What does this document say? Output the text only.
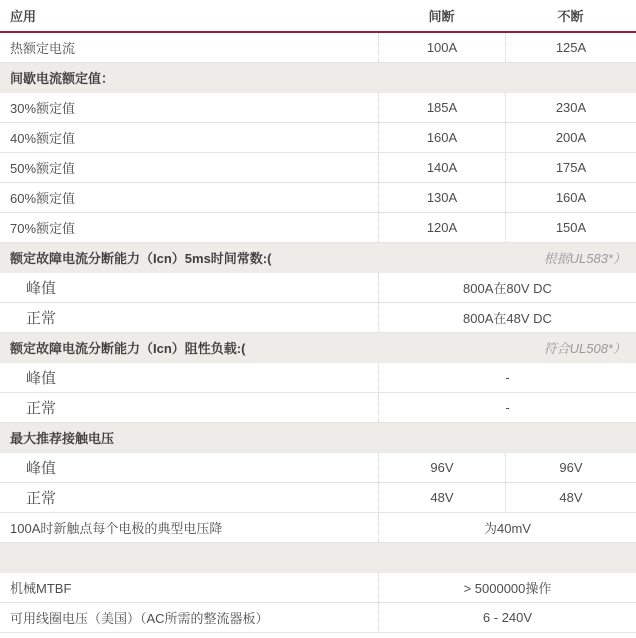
应用	间断	不断
热额定电流	100A	125A
间歇电流额定值：
30%额定值	185A	230A
40%额定值	160A	200A
50%额定值	140A	175A
60%额定值	130A	160A
70%额定值	120A	150A
额定故障电流分断能力（Icn）5ms时间常数:(	根据UL583*）
峰值	800A在80V DC
正常	800A在48V DC
额定故障电流分断能力（Icn）阻性负载:(	符合UL508*）
峰值	-
正常	-
最大推荐接触电压
峰值	96V	96V
正常	48V	48V
100A时新触点每个电极的典型电压降	为40mV
机械MTBF	> 5000000操作
可用线圈电压（美国）（AC所需的整流器板）	6 - 240V
